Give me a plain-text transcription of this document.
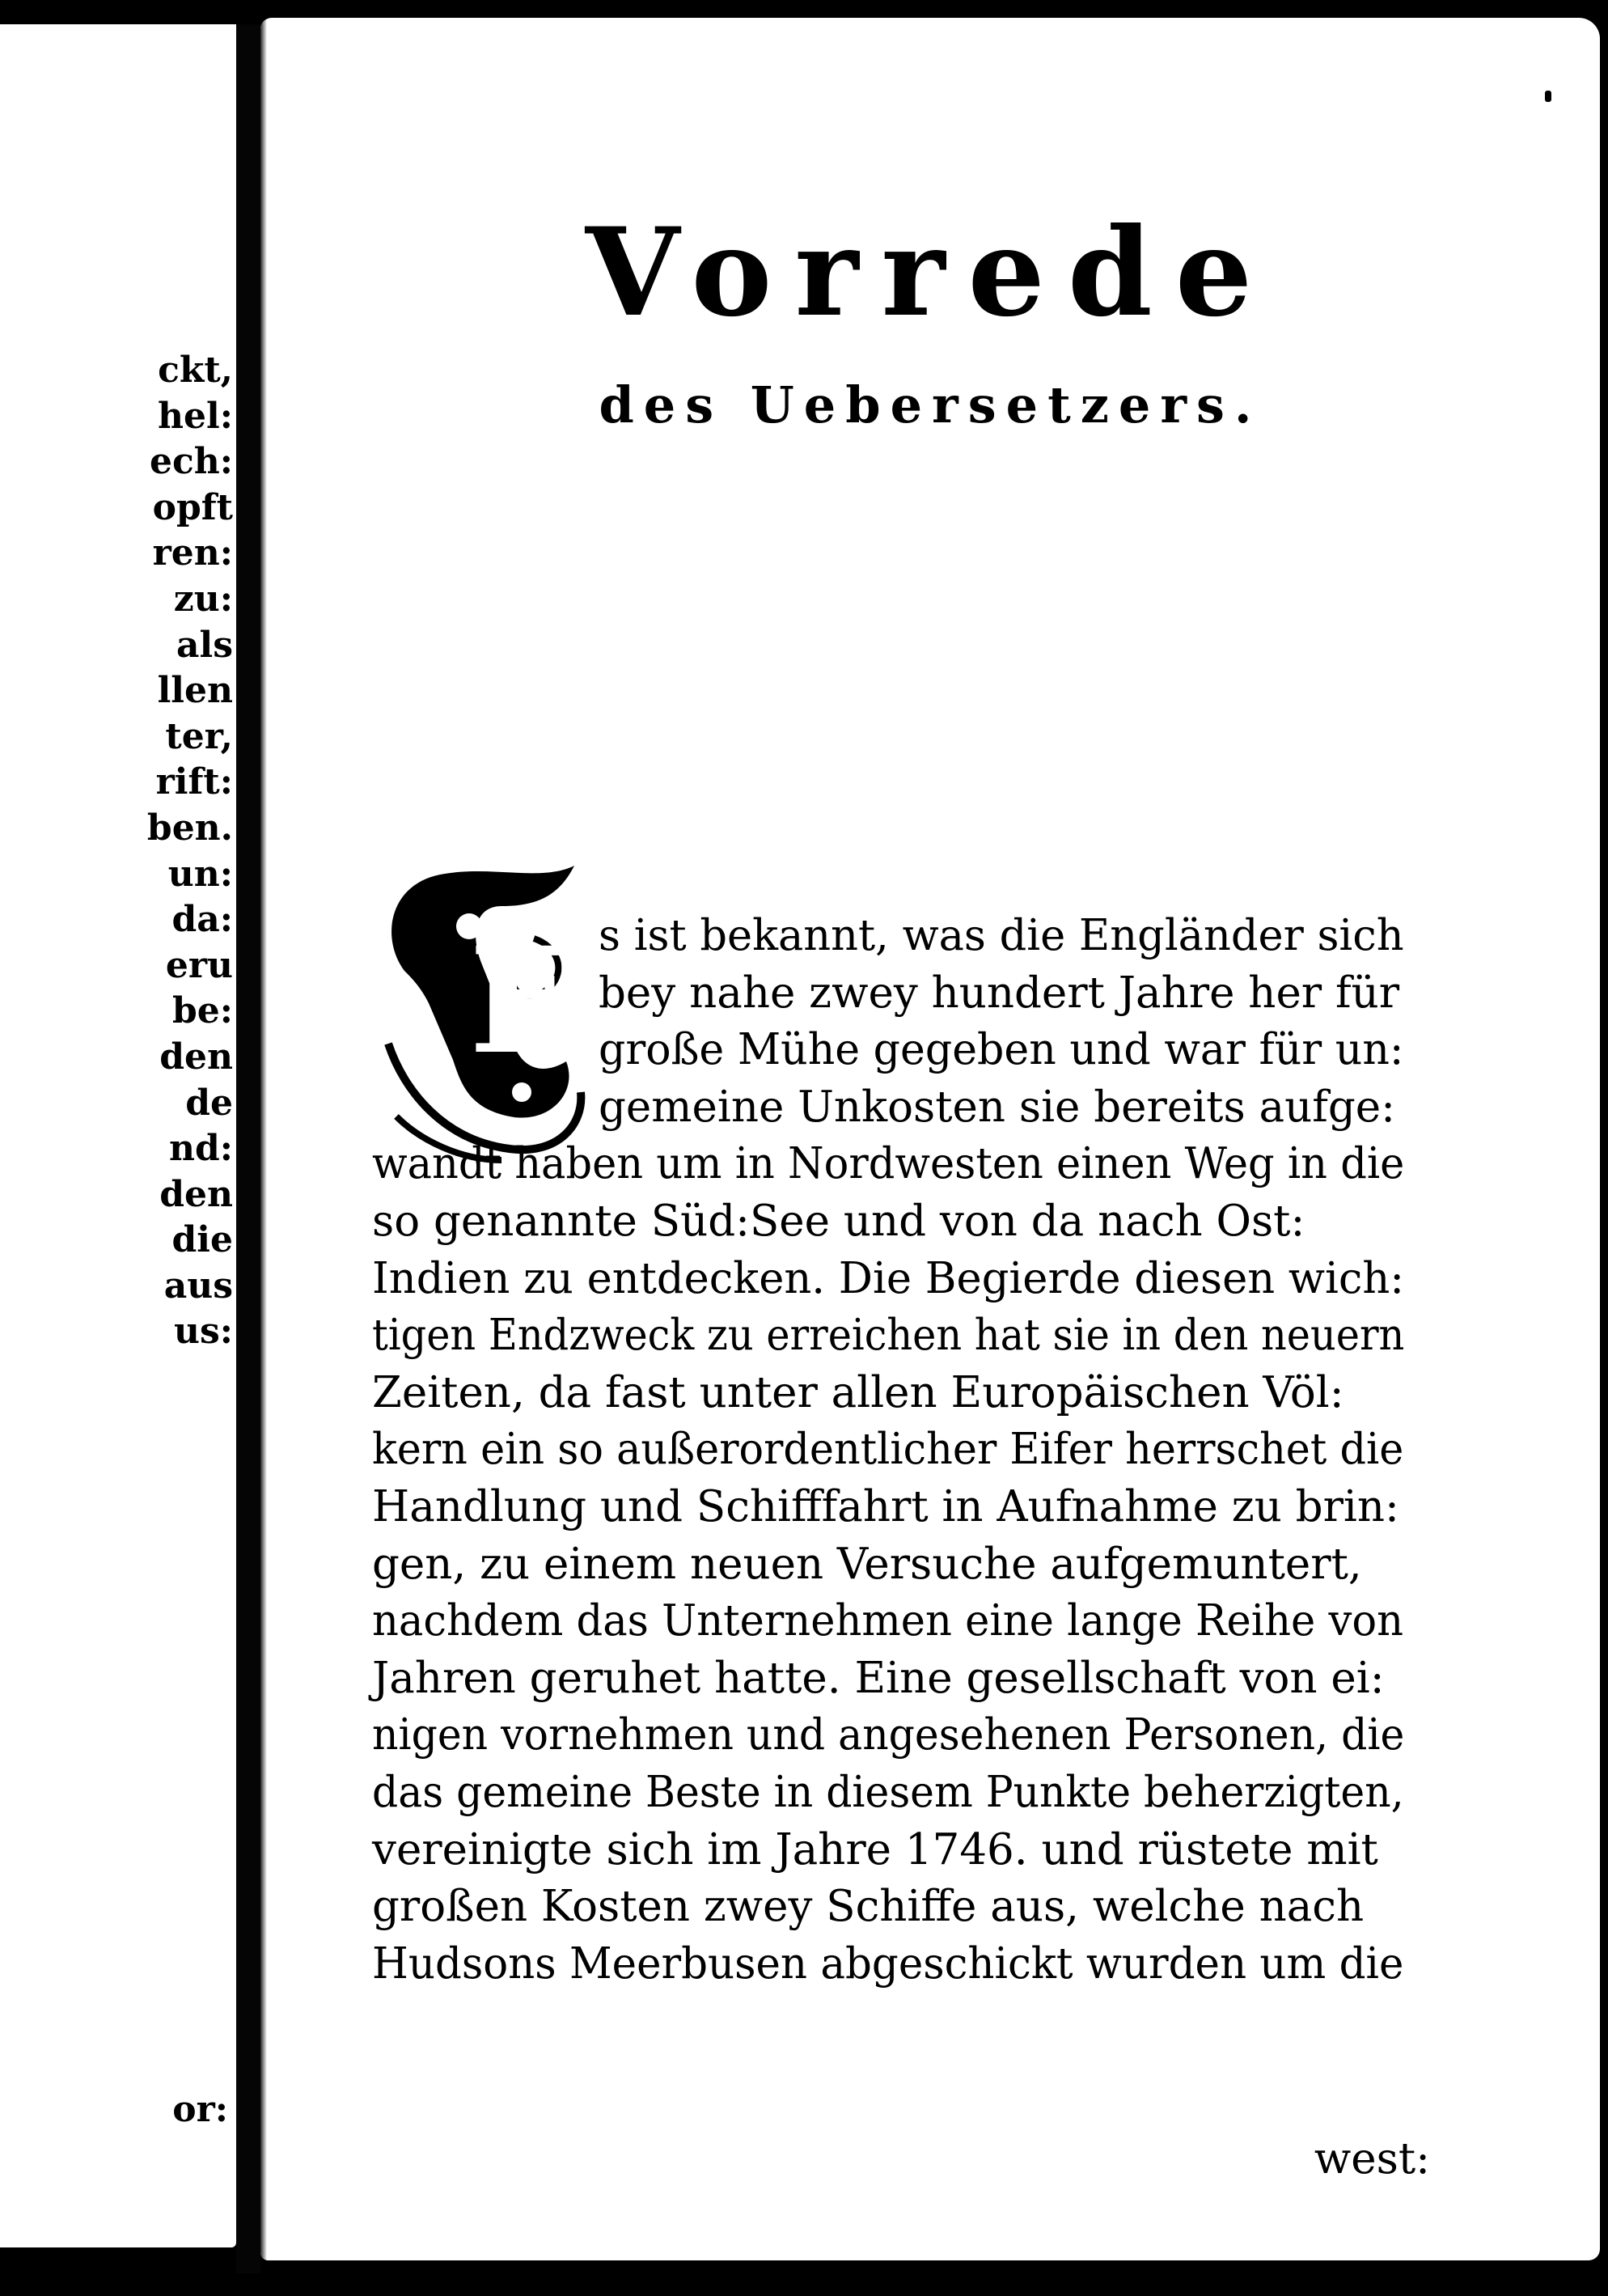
ckt,
hel:
ech:
opft
ren:
zu:
als
llen
ter,
rift:
ben.
un:
da:
eru
be:
den
de
nd:
den
die
aus
us:
or:
Vorrede
des Uebersetzers.
E s ist bekannt, was die Engländer sich
bey nahe zwey hundert Jahre her für
große Mühe gegeben und war für un:
gemeine Unkosten sie bereits aufge:
wandt haben um in Nordwesten einen Weg in die
so genannte Süd:See und von da nach Ost:
Indien zu entdecken. Die Begierde diesen wich:
tigen Endzweck zu erreichen hat sie in den neuern
Zeiten, da fast unter allen Europäischen Völ:
kern ein so außerordentlicher Eifer herrschet die
Handlung und Schifffahrt in Aufnahme zu brin:
gen, zu einem neuen Versuche aufgemuntert,
nachdem das Unternehmen eine lange Reihe von
Jahren geruhet hatte. Eine gesellschaft von ei:
nigen vornehmen und angesehenen Personen, die
das gemeine Beste in diesem Punkte beherzigten,
vereinigte sich im Jahre 1746. und rüstete mit
großen Kosten zwey Schiffe aus, welche nach
Hudsons Meerbusen abgeschickt wurden um die
west:
